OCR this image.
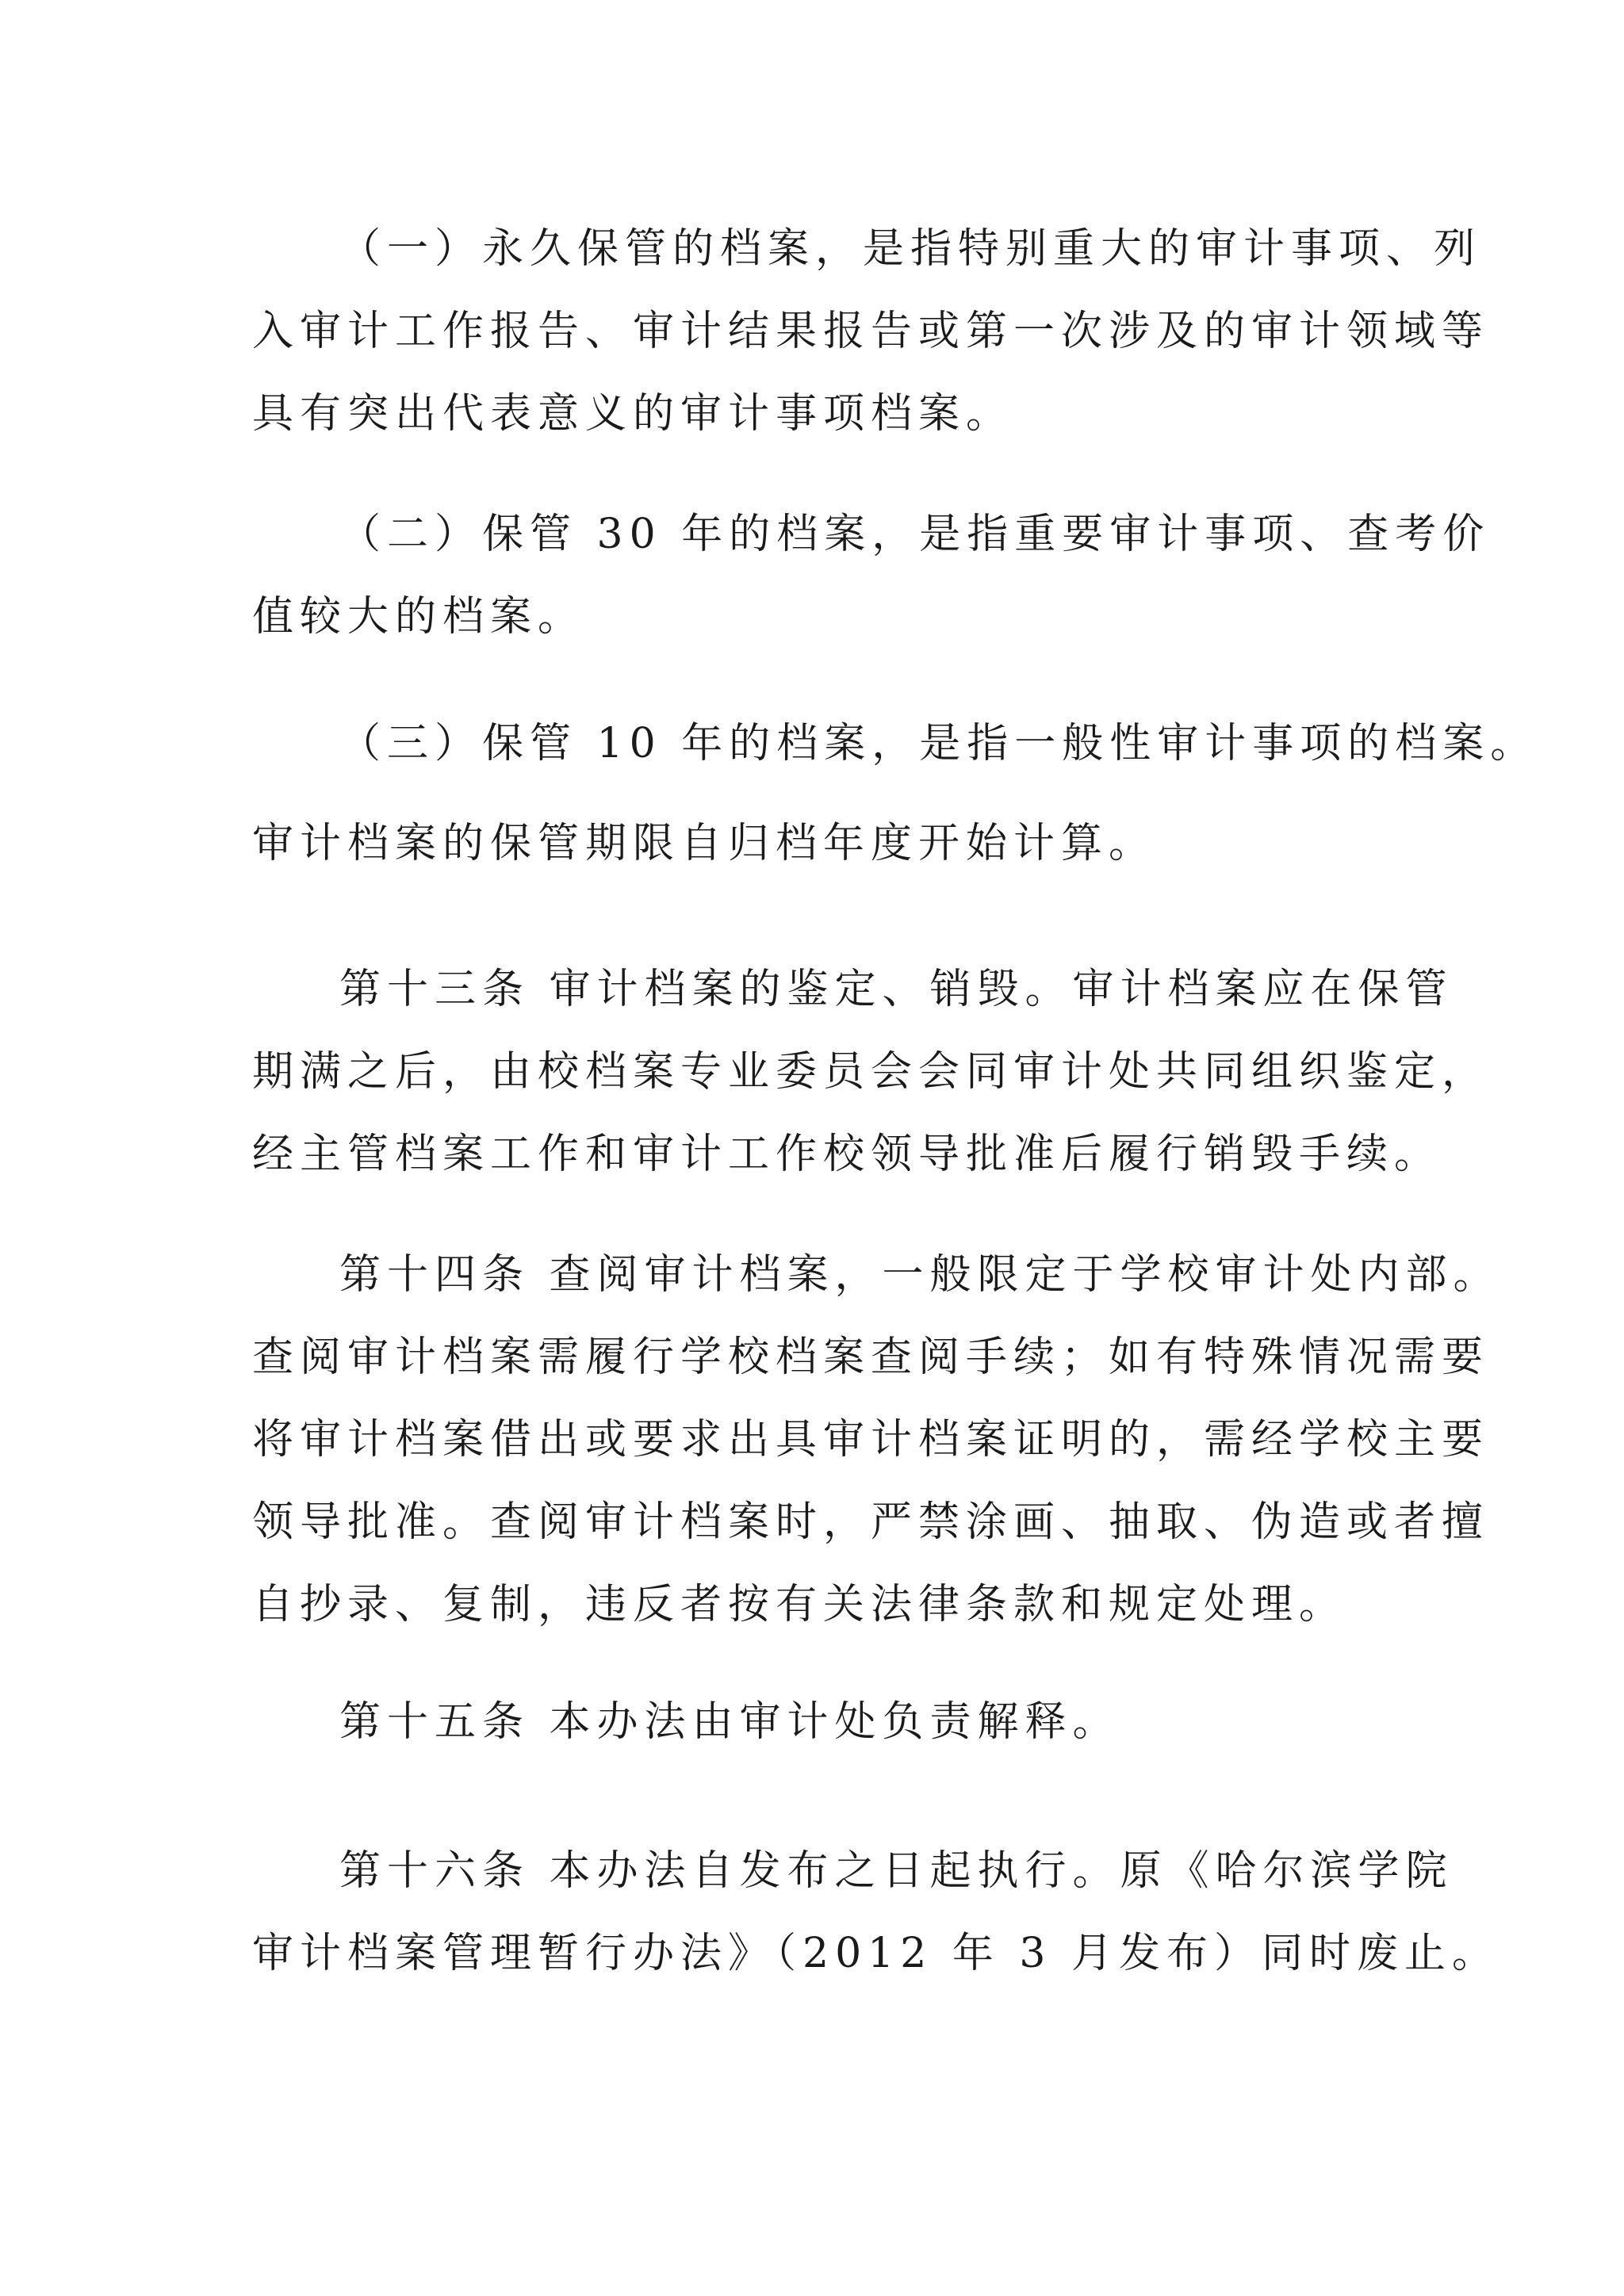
（一）永久保管的档案，是指特别重大的审计事项、列
入审计工作报告、审计结果报告或第一次涉及的审计领域等
具有突出代表意义的审计事项档案。
（二）保管 30 年的档案，是指重要审计事项、查考价
值较大的档案。
（三）保管 10 年的档案，是指一般性审计事项的档案。
审计档案的保管期限自归档年度开始计算。
第十三条 审计档案的鉴定、销毁。审计档案应在保管
期满之后，由校档案专业委员会会同审计处共同组织鉴定，
经主管档案工作和审计工作校领导批准后履行销毁手续。
第十四条 查阅审计档案，一般限定于学校审计处内部。
查阅审计档案需履行学校档案查阅手续；如有特殊情况需要
将审计档案借出或要求出具审计档案证明的，需经学校主要
领导批准。查阅审计档案时，严禁涂画、抽取、伪造或者擅
自抄录、复制，违反者按有关法律条款和规定处理。
第十五条 本办法由审计处负责解释。
第十六条 本办法自发布之日起执行。原《哈尔滨学院
审计档案管理暂行办法》（2012 年 3 月发布）同时废止。
